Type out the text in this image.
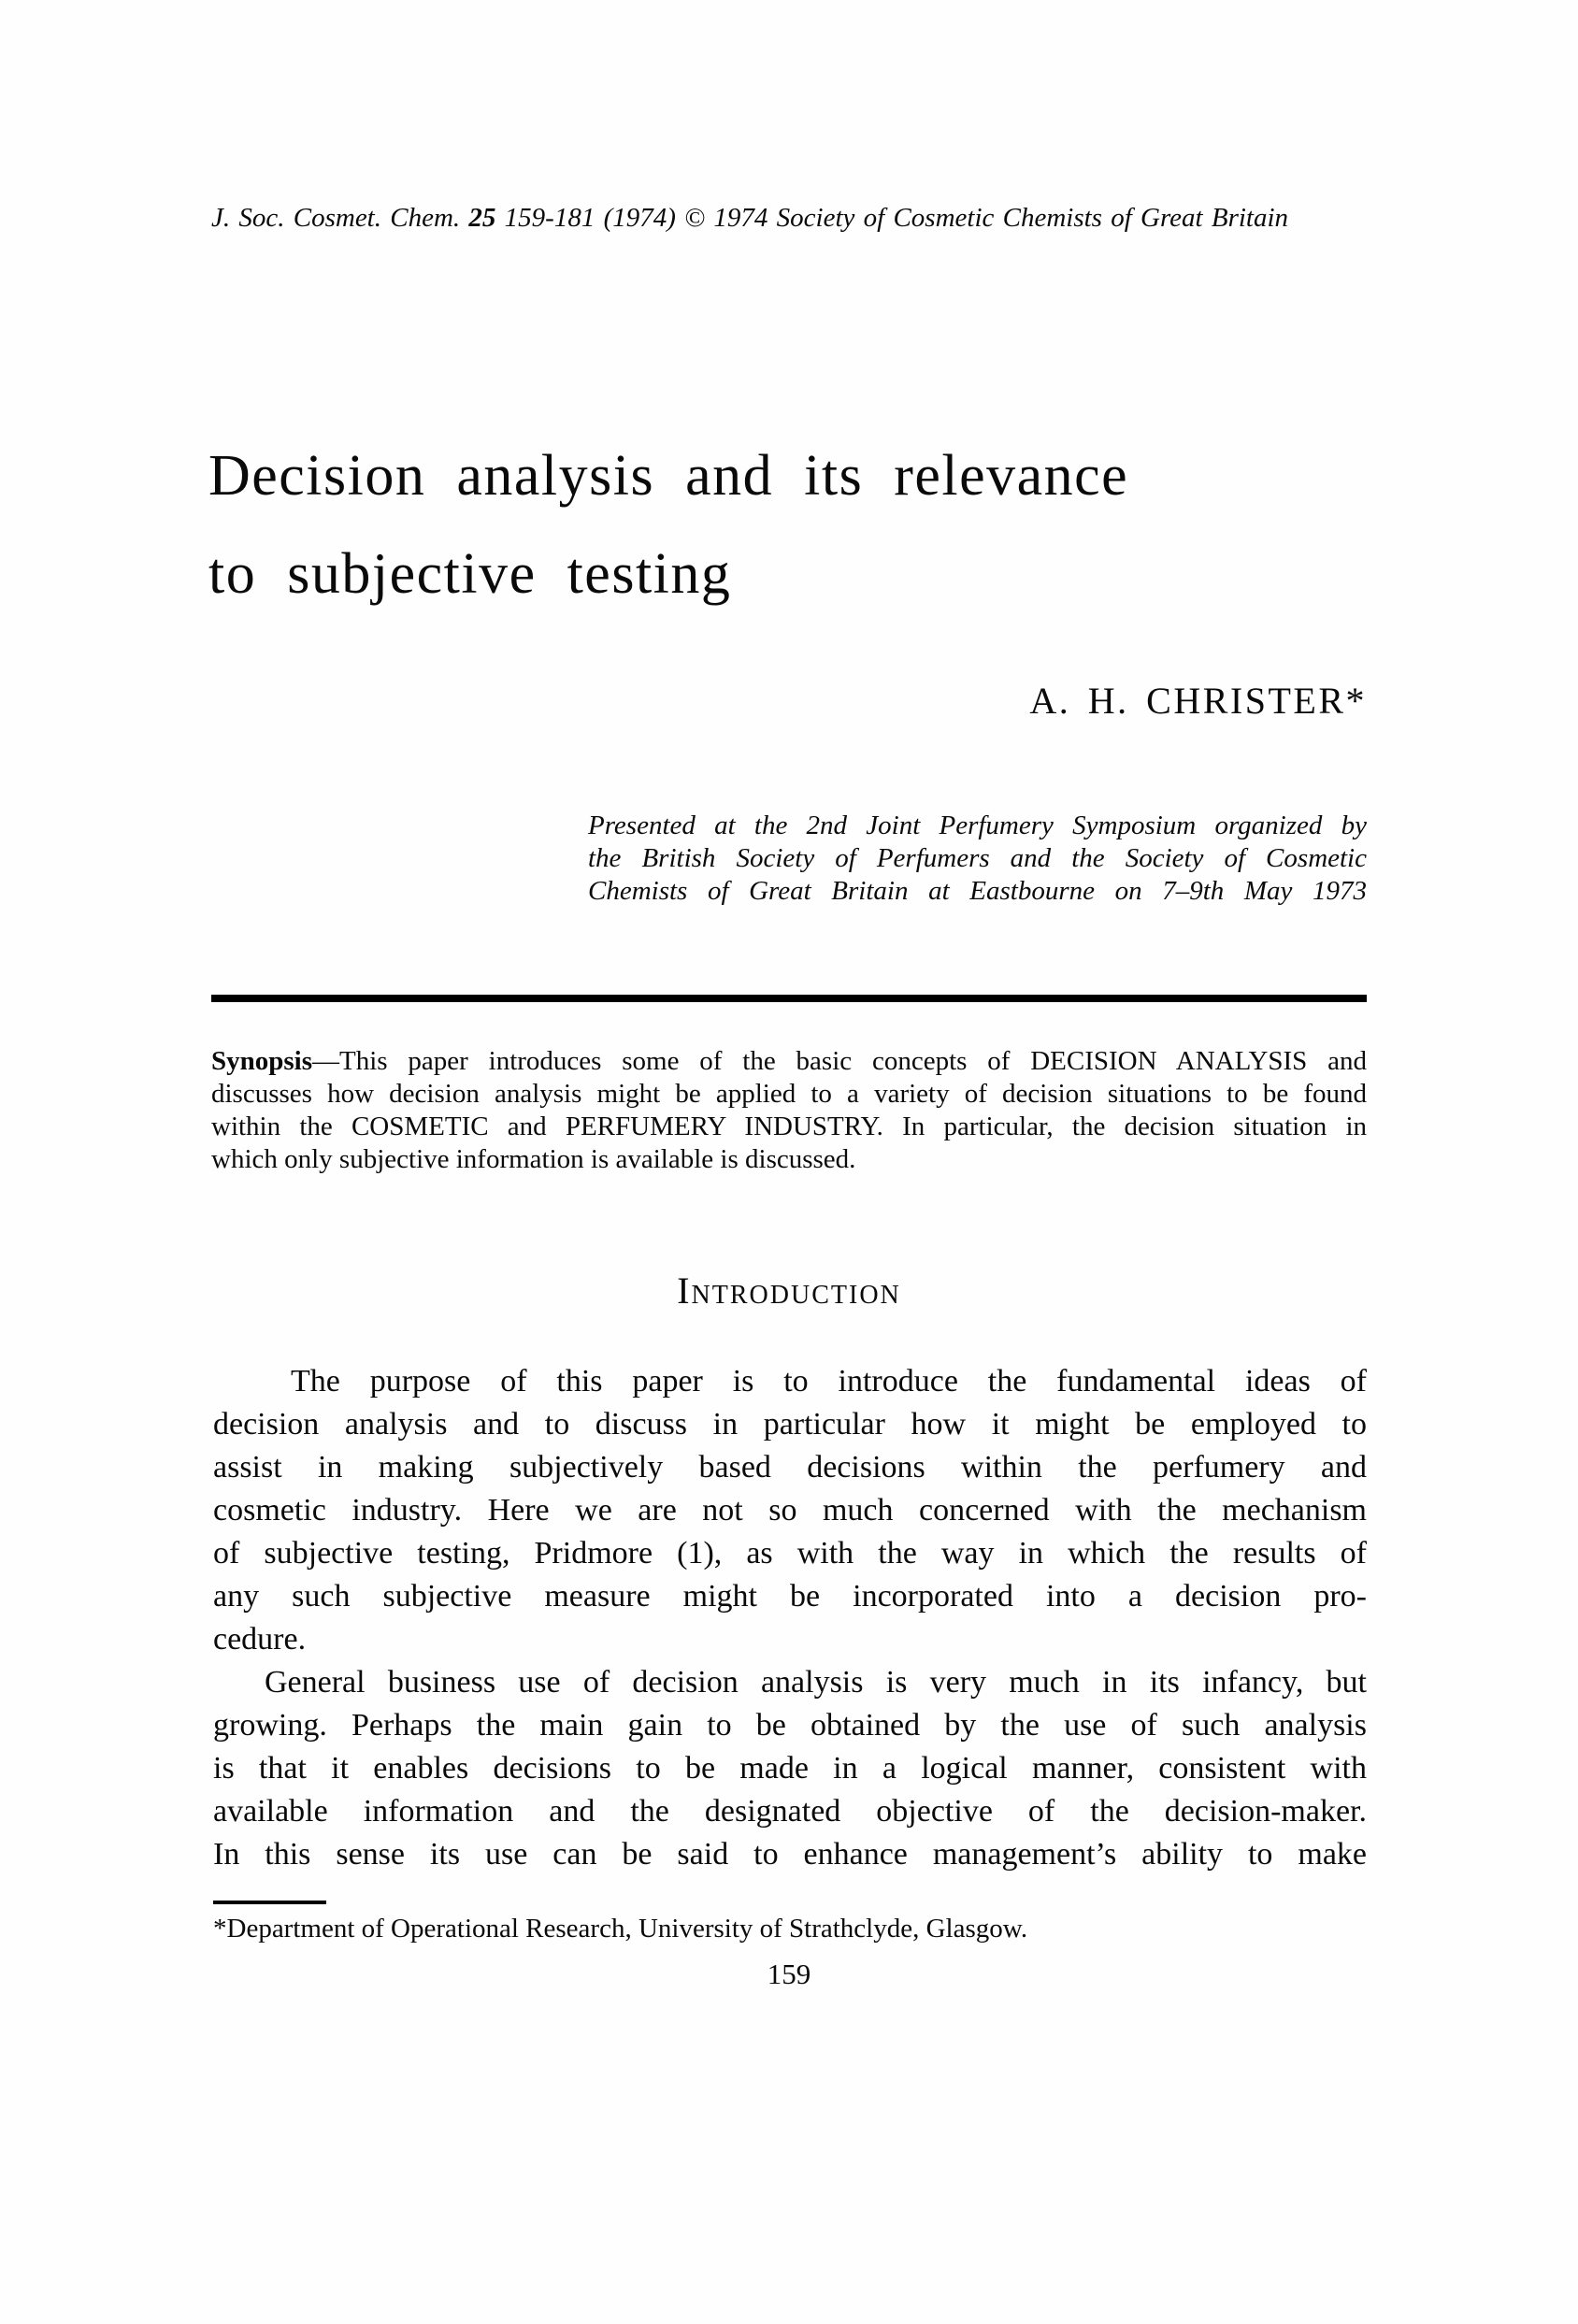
J. Soc. Cosmet. Chem. 25 159-181 (1974) © 1974 Society of Cosmetic Chemists of Great Britain
Decision analysis and its relevance
to subjective testing
A. H. CHRISTER*
Presented at the 2nd Joint Perfumery Symposium organized by
the British Society of Perfumers and the Society of Cosmetic
Chemists of Great Britain at Eastbourne on 7–9th May 1973
Synopsis—This paper introduces some of the basic concepts of DECISION ANALYSIS and
discusses how decision analysis might be applied to a variety of decision situations to be found
within the COSMETIC and PERFUMERY INDUSTRY. In particular, the decision situation in
which only subjective information is available is discussed.
Introduction
The purpose of this paper is to introduce the fundamental ideas of
decision analysis and to discuss in particular how it might be employed to
assist in making subjectively based decisions within the perfumery and
cosmetic industry. Here we are not so much concerned with the mechanism
of subjective testing, Pridmore (1), as with the way in which the results of
any such subjective measure might be incorporated into a decision pro-
cedure.
General business use of decision analysis is very much in its infancy, but
growing. Perhaps the main gain to be obtained by the use of such analysis
is that it enables decisions to be made in a logical manner, consistent with
available information and the designated objective of the decision-maker.
In this sense its use can be said to enhance management’s ability to make
*Department of Operational Research, University of Strathclyde, Glasgow.
159
